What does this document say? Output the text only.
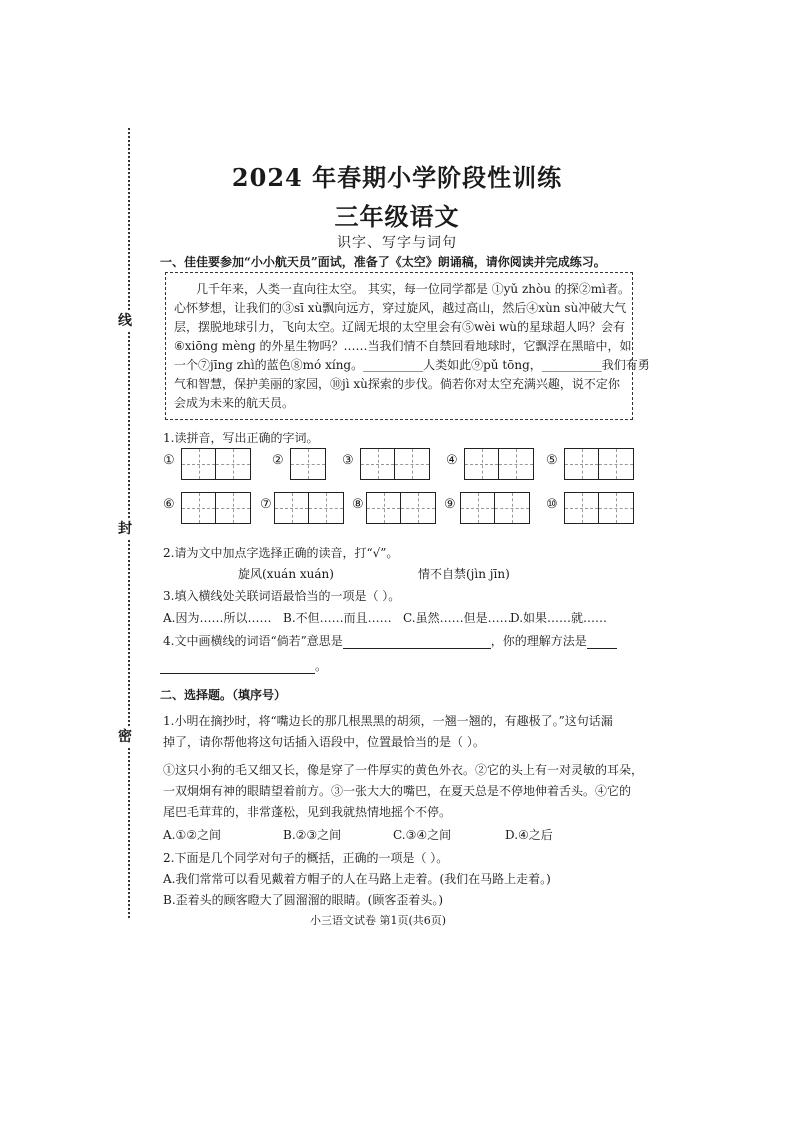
线
封
密
2024 年春期小学阶段性训练
三年级语文
识字、写字与词句
一、佳佳要参加“小小航天员”面试，准备了《太空》朗诵稿，请你阅读并完成练习。
几千年来，人类一直向往太空。 其实，每一位同学都是 ①yǔ zhòu 的探②mì者。
心怀梦想，让我们的③sī xù飘向远方，穿过旋风，越过高山，然后④xùn sù冲破大气
层，摆脱地球引力，飞向太空。辽阔无垠的太空里会有⑤wèi wù的星球超人吗？会有
⑥xiōng mèng 的外星生物吗？……当我们情不自禁回看地球时，它飘浮在黑暗中，如
一个⑦jīng zhì的蓝色⑧mó xíng。__________人类如此⑨pǔ tōng，__________我们有勇
气和智慧，保护美丽的家园，⑩jì xù探索的步伐。倘若你对太空充满兴趣，说不定你
会成为未来的航天员。
1.读拼音，写出正确的字词。
①	②	③	④	⑤
⑥	⑦	⑧	⑨	⑩
2.请为文中加点字选择正确的读音，打“√”。
旋风(xuán xuán)	情不自禁(jìn jīn)
3.填入横线处关联词语最恰当的一项是（ ）。
A.因为……所以…… B.不但……而且…… C.虽然……但是……
D.如果……就……
4.文中画横线的词语“倘若”意思是	，你的理解方法是
。
二、选择题。（填序号）
1.小明在摘抄时，将“嘴边长的那几根黑黑的胡须，一翘一翘的，有趣极了。”这句话漏
掉了，请你帮他将这句话插入语段中，位置最恰当的是（ ）。
①这只小狗的毛又细又长，像是穿了一件厚实的黄色外衣。②它的头上有一对灵敏的耳朵，
一双炯炯有神的眼睛望着前方。③一张大大的嘴巴，在夏天总是不停地伸着舌头。④它的
尾巴毛茸茸的，非常蓬松，见到我就热情地摇个不停。
A.①②之间	B.②③之间	C.③④之间	D.④之后
2.下面是几个同学对句子的概括，正确的一项是（ ）。
A.我们常常可以看见戴着方帽子的人在马路上走着。(我们在马路上走着。)
B.歪着头的顾客瞪大了圆溜溜的眼睛。(顾客歪着头。)
小三语文试卷 第1页(共6页)
